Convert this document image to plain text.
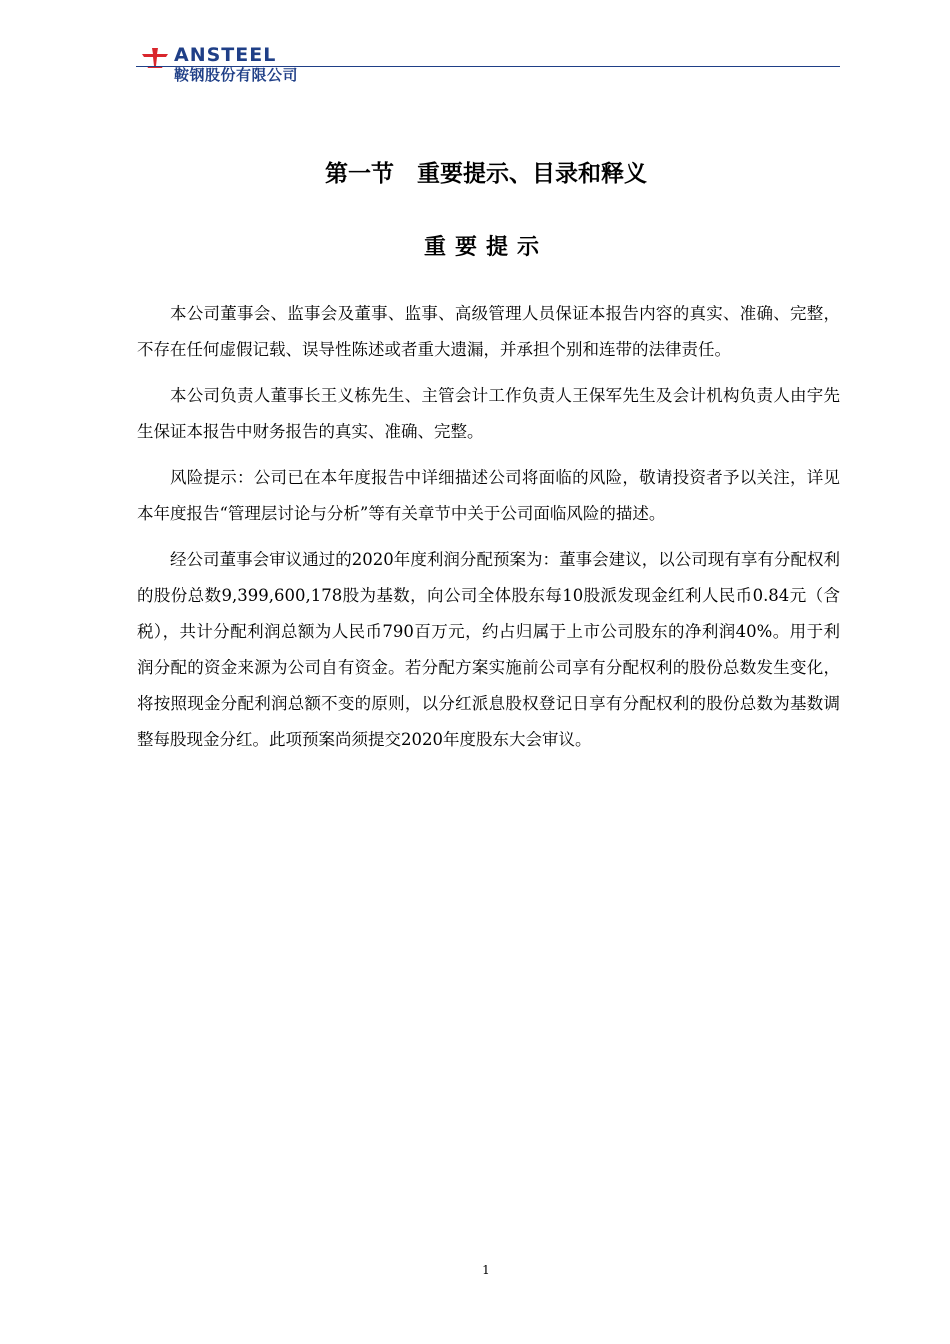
ANSTEEL
鞍钢股份有限公司
第一节　重要提示、目录和释义
重要提示

本公司董事会、监事会及董事、监事、高级管理人员保证本报告内容的真实、准确、完整，不存在任何虚假记载、误导性陈述或者重大遗漏，并承担个别和连带的法律责任。

本公司负责人董事长王义栋先生、主管会计工作负责人王保军先生及会计机构负责人由宇先生保证本报告中财务报告的真实、准确、完整。

风险提示：公司已在本年度报告中详细描述公司将面临的风险，敬请投资者予以关注，详见本年度报告“管理层讨论与分析”等有关章节中关于公司面临风险的描述。

经公司董事会审议通过的2020年度利润分配预案为：董事会建议，以公司现有享有分配权利的股份总数9,399,600,178股为基数，向公司全体股东每10股派发现金红利人民币0.84元（含税），共计分配利润总额为人民币790百万元，约占归属于上市公司股东的净利润40%。用于利润分配的资金来源为公司自有资金。若分配方案实施前公司享有分配权利的股份总数发生变化，将按照现金分配利润总额不变的原则，以分红派息股权登记日享有分配权利的股份总数为基数调整每股现金分红。此项预案尚须提交2020年度股东大会审议。

1
